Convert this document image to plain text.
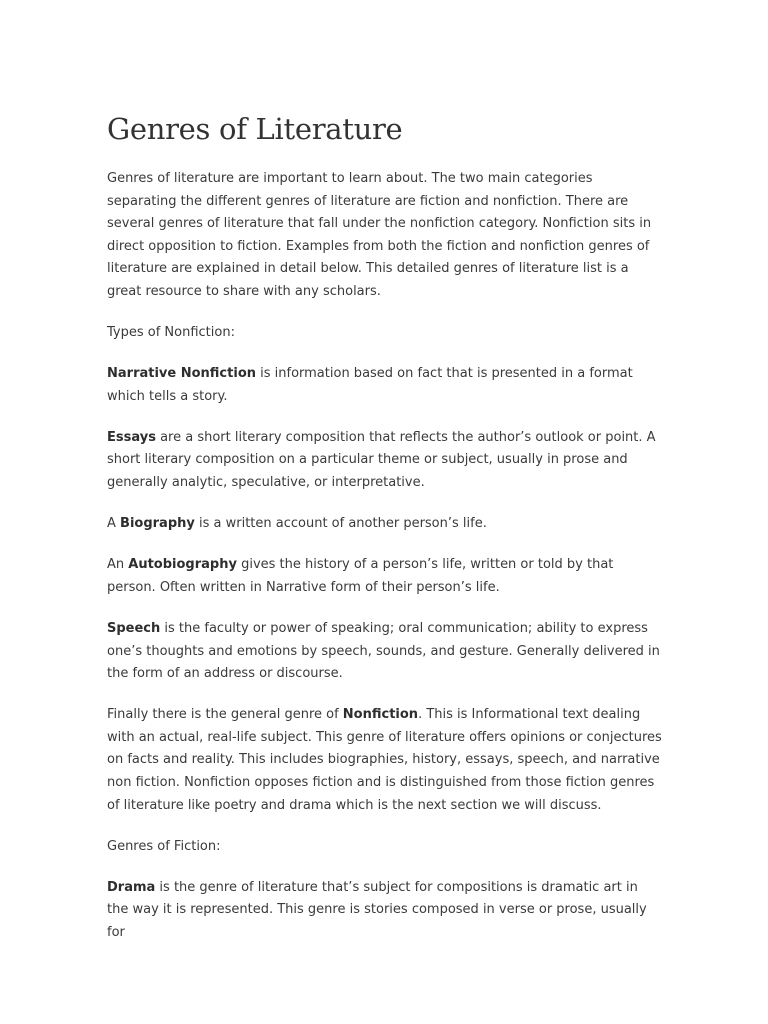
Genres of Literature

Genres of literature are important to learn about. The two main categories separating the different genres of literature are fiction and nonfiction. There are several genres of literature that fall under the nonfiction category. Nonfiction sits in direct opposition to fiction. Examples from both the fiction and nonfiction genres of literature are explained in detail below. This detailed genres of literature list is a great resource to share with any scholars.

Types of Nonfiction:

Narrative Nonfiction is information based on fact that is presented in a format which tells a story.

Essays are a short literary composition that reflects the author’s outlook or point. A short literary composition on a particular theme or subject, usually in prose and generally analytic, speculative, or interpretative.

A Biography is a written account of another person’s life.

An Autobiography gives the history of a person’s life, written or told by that person. Often written in Narrative form of their person’s life.

Speech is the faculty or power of speaking; oral communication; ability to express one’s thoughts and emotions by speech, sounds, and gesture. Generally delivered in the form of an address or discourse.

Finally there is the general genre of Nonfiction. This is Informational text dealing with an actual, real-life subject. This genre of literature offers opinions or conjectures on facts and reality. This includes biographies, history, essays, speech, and narrative non fiction. Nonfiction opposes fiction and is distinguished from those fiction genres of literature like poetry and drama which is the next section we will discuss.

Genres of Fiction:

Drama is the genre of literature that’s subject for compositions is dramatic art in the way it is represented. This genre is stories composed in verse or prose, usually for
